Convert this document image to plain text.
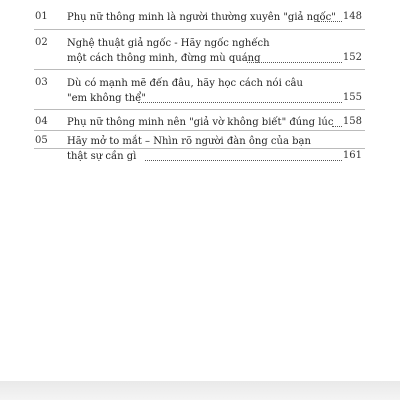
01 Phụ nữ thông minh là người thường xuyên "giả ngốc" 148
02 Nghệ thuật giả ngốc - Hãy ngốc nghếch
một cách thông minh, đừng mù quáng	152
03 Dù có mạnh mẽ đến đâu, hãy học cách nói câu
"em không thể"	155
04 Phụ nữ thông minh nên "giả vờ không biết" đúng lúc 158
05 Hãy mở to mắt – Nhìn rõ người đàn ông của bạn
thật sự cần gì	161
